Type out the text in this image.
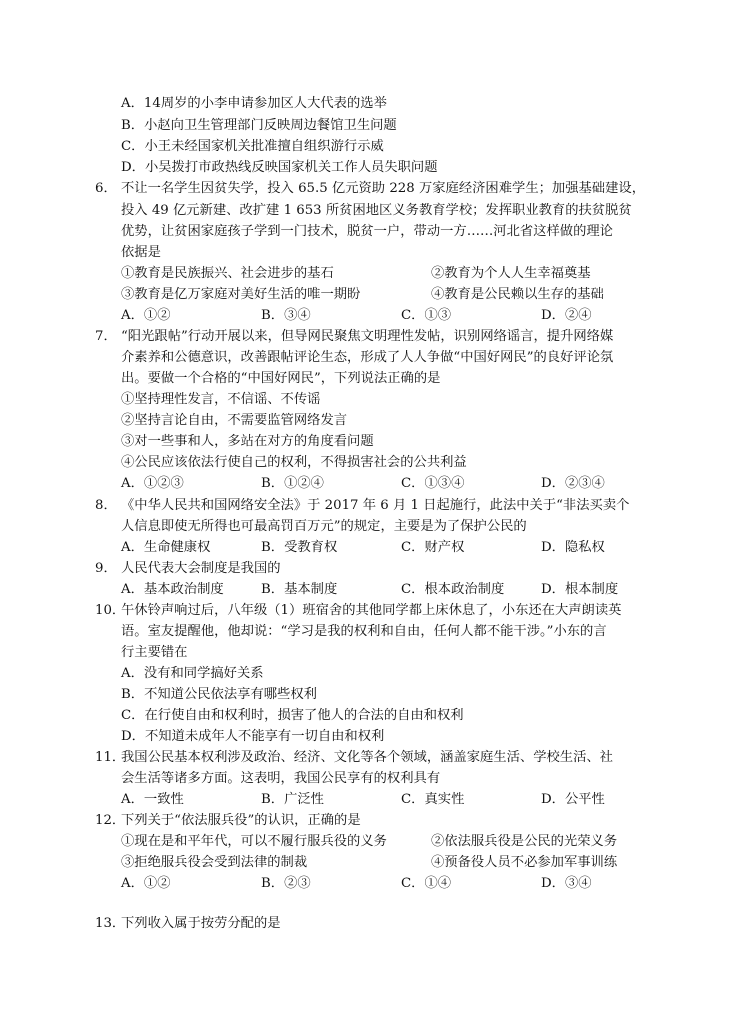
A．14周岁的小李申请参加区人大代表的选举
B．小赵向卫生管理部门反映周边餐馆卫生问题
C．小王未经国家机关批准擅自组织游行示威
D．小吴拨打市政热线反映国家机关工作人员失职问题
6． 不让一名学生因贫失学，投入 65.5 亿元资助 228 万家庭经济困难学生；加强基础建设，
投入 49 亿元新建、改扩建 1 653 所贫困地区义务教育学校；发挥职业教育的扶贫脱贫
优势，让贫困家庭孩子学到一门技术，脱贫一户，带动一方……河北省这样做的理论
依据是
①教育是民族振兴、社会进步的基石	②教育为个人人生幸福奠基
③教育是亿万家庭对美好生活的唯一期盼	④教育是公民赖以生存的基础
A．①②	B．③④	C．①③	D．②④
7． “阳光跟帖”行动开展以来，但导网民聚焦文明理性发帖，识别网络谣言，提升网络媒
介素养和公德意识，改善跟帖评论生态，形成了人人争做“中国好网民”的良好评论氛
出。要做一个合格的“中国好网民”，下列说法正确的是
①坚持理性发言，不信谣、不传谣
②坚持言论自由，不需要监管网络发言
③对一些事和人，多站在对方的角度看问题
④公民应该依法行使自己的权利，不得损害社会的公共利益
A．①②③	B．①②④	C．①③④	D．②③④
8． 《中华人民共和国网络安全法》于 2017 年 6 月 1 日起施行，此法中关于“非法买卖个
人信息即使无所得也可最高罚百万元”的规定，主要是为了保护公民的
A．生命健康权	B．受教育权	C．财产权	D．隐私权
9． 人民代表大会制度是我国的
A．基本政治制度	B．基本制度	C．根本政治制度	D．根本制度
10．
午休铃声响过后，八年级（1）班宿舍的其他同学都上床休息了，小东还在大声朗读英
语。室友提醒他，他却说：“学习是我的权利和自由，任何人都不能干涉。”小东的言
行主要错在
A．没有和同学搞好关系
B．不知道公民依法享有哪些权利
C．在行使自由和权利时，损害了他人的合法的自由和权利
D．不知道未成年人不能享有一切自由和权利
11．
我国公民基本权利涉及政治、经济、文化等各个领域，涵盖家庭生活、学校生活、社
会生活等诸多方面。这表明，我国公民享有的权利具有
A．一致性	B．广泛性	C．真实性	D．公平性
12．
下列关于“依法服兵役”的认识，正确的是
①现在是和平年代，可以不履行服兵役的义务	②依法服兵役是公民的光荣义务
③拒绝服兵役会受到法律的制裁	④预备役人员不必参加军事训练
A．①②	B．②③	C．①④	D．③④
13．
下列收入属于按劳分配的是
